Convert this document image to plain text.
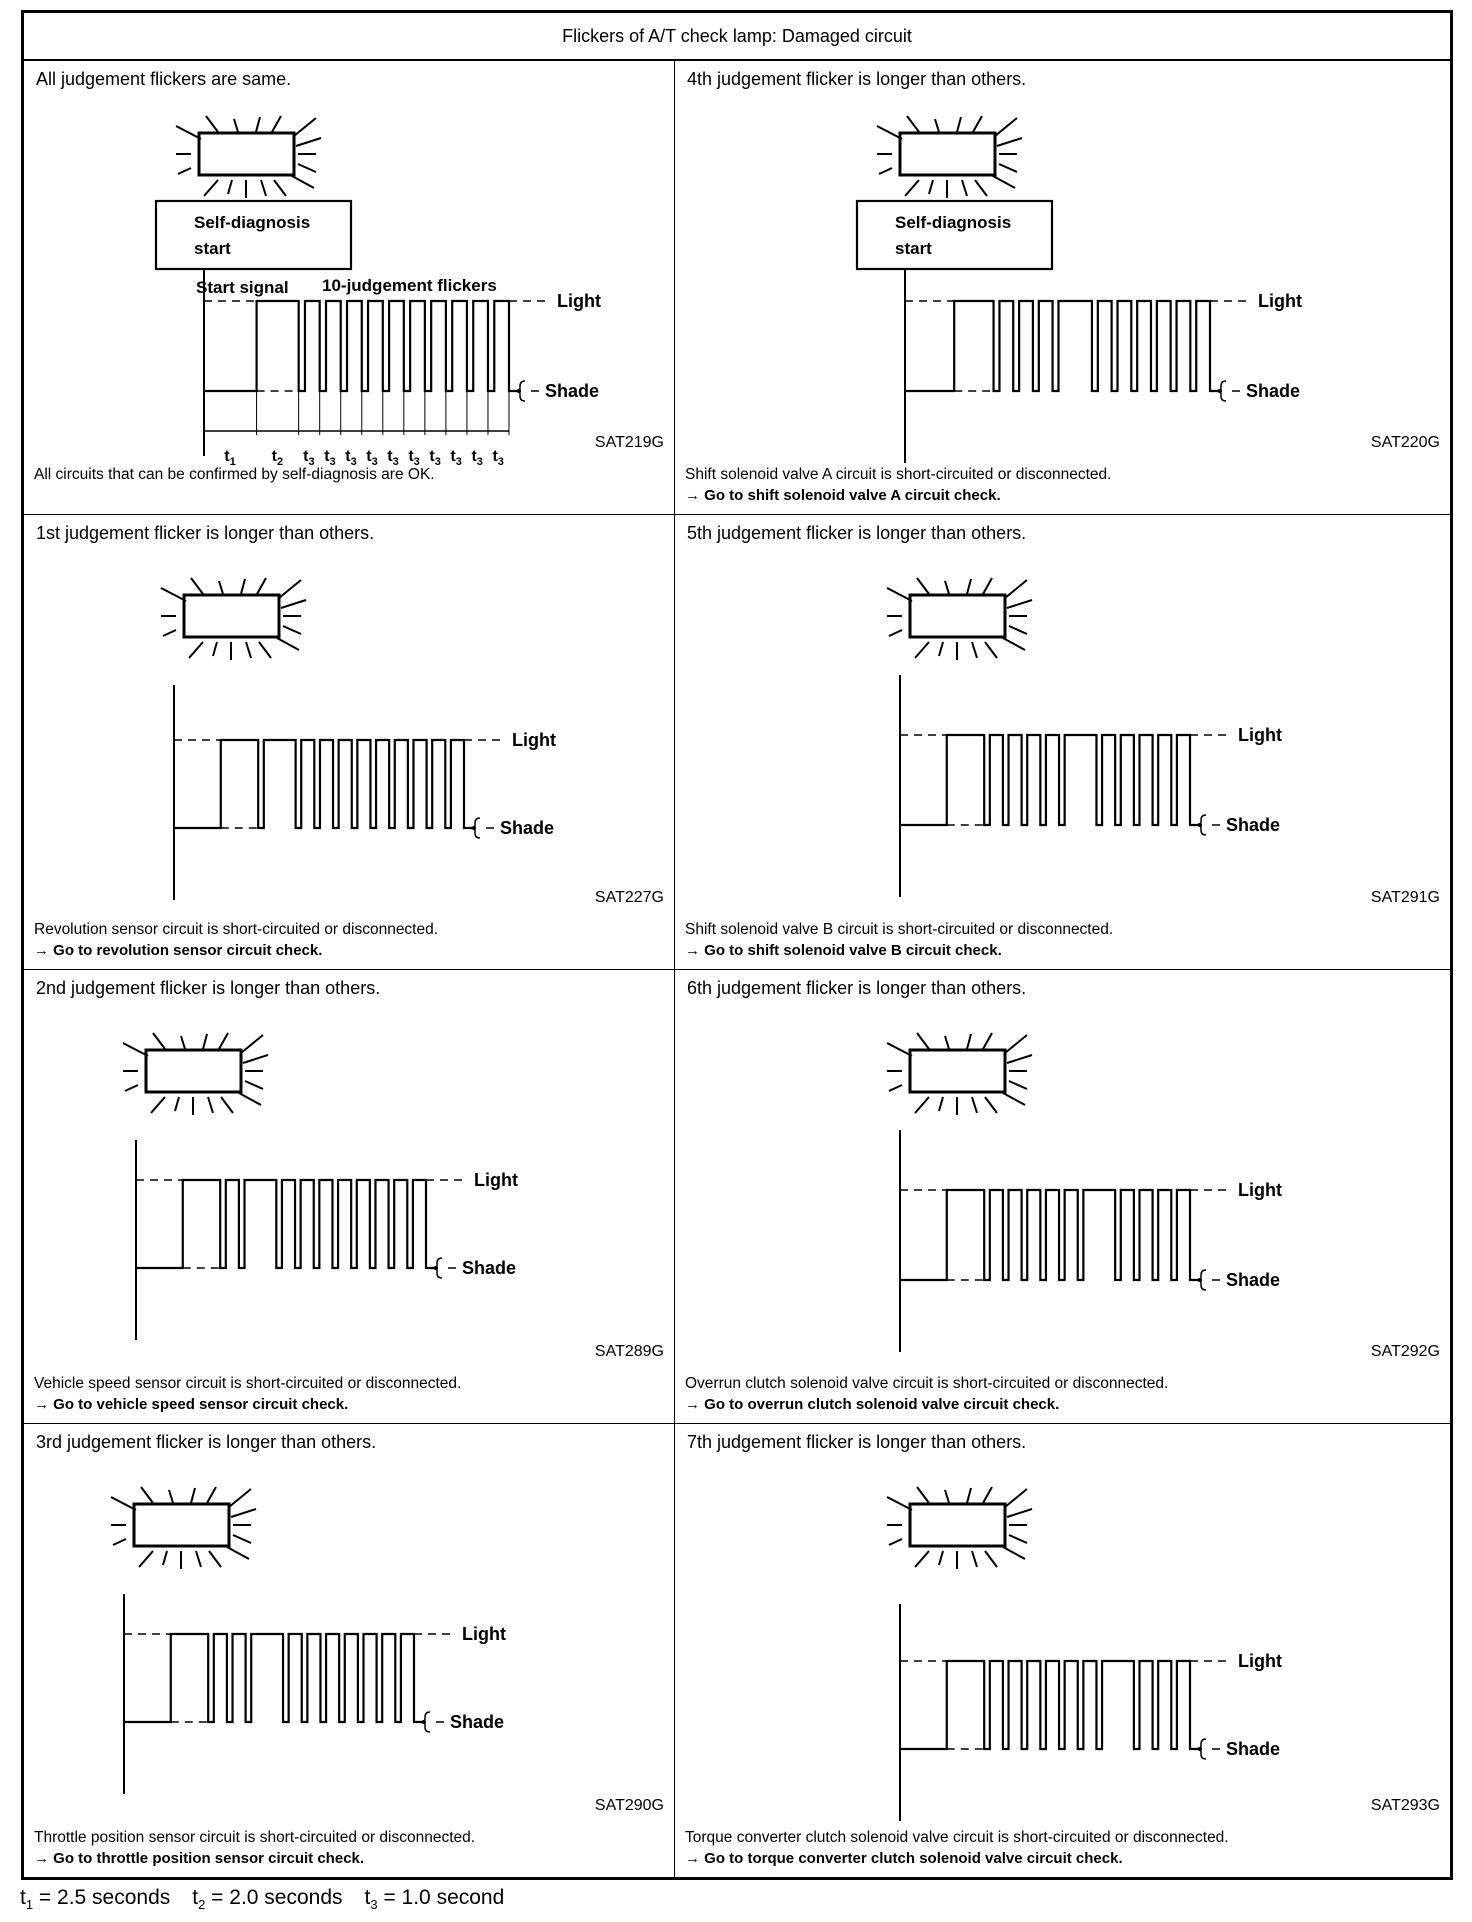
Flickers of A/T check lamp: Damaged circuit
All judgement flickers are same.
SAT219G
All circuits that can be confirmed by self-diagnosis are OK.
Self-diagnosis
start
Light
Shade
Start signal 10-judgement flickers
$t_1$ $t_2$ $t_3$ $t_3$ $t_3$ $t_3$ $t_3$ $t_3$ $t_3$ $t_3$ $t_3$ $t_3$
4th judgement flicker is longer than others.
SAT220G
Shift solenoid valve A circuit is short-circuited or disconnected.
→ Go to shift solenoid valve A circuit check.
Self-diagnosis
start
Light
Shade
1st judgement flicker is longer than others.
SAT227G
Revolution sensor circuit is short-circuited or disconnected.
→ Go to revolution sensor circuit check.
Light
Shade
5th judgement flicker is longer than others.
SAT291G
Shift solenoid valve B circuit is short-circuited or disconnected.
→ Go to shift solenoid valve B circuit check.
Light
Shade
2nd judgement flicker is longer than others.
SAT289G
Vehicle speed sensor circuit is short-circuited or disconnected.
→ Go to vehicle speed sensor circuit check.
Light
Shade
6th judgement flicker is longer than others.
SAT292G
Overrun clutch solenoid valve circuit is short-circuited or disconnected.
→ Go to overrun clutch solenoid valve circuit check.
Light
Shade
3rd judgement flicker is longer than others.
SAT290G
Throttle position sensor circuit is short-circuited or disconnected.
→ Go to throttle position sensor circuit check.
Light
Shade
7th judgement flicker is longer than others.
SAT293G
Torque converter clutch solenoid valve circuit is short-circuited or disconnected.
→ Go to torque converter clutch solenoid valve circuit check.
Light
Shade
$t_1 = 2.5$ seconds $t_2 = 2.0$ seconds $t_3 = 1.0$ second
